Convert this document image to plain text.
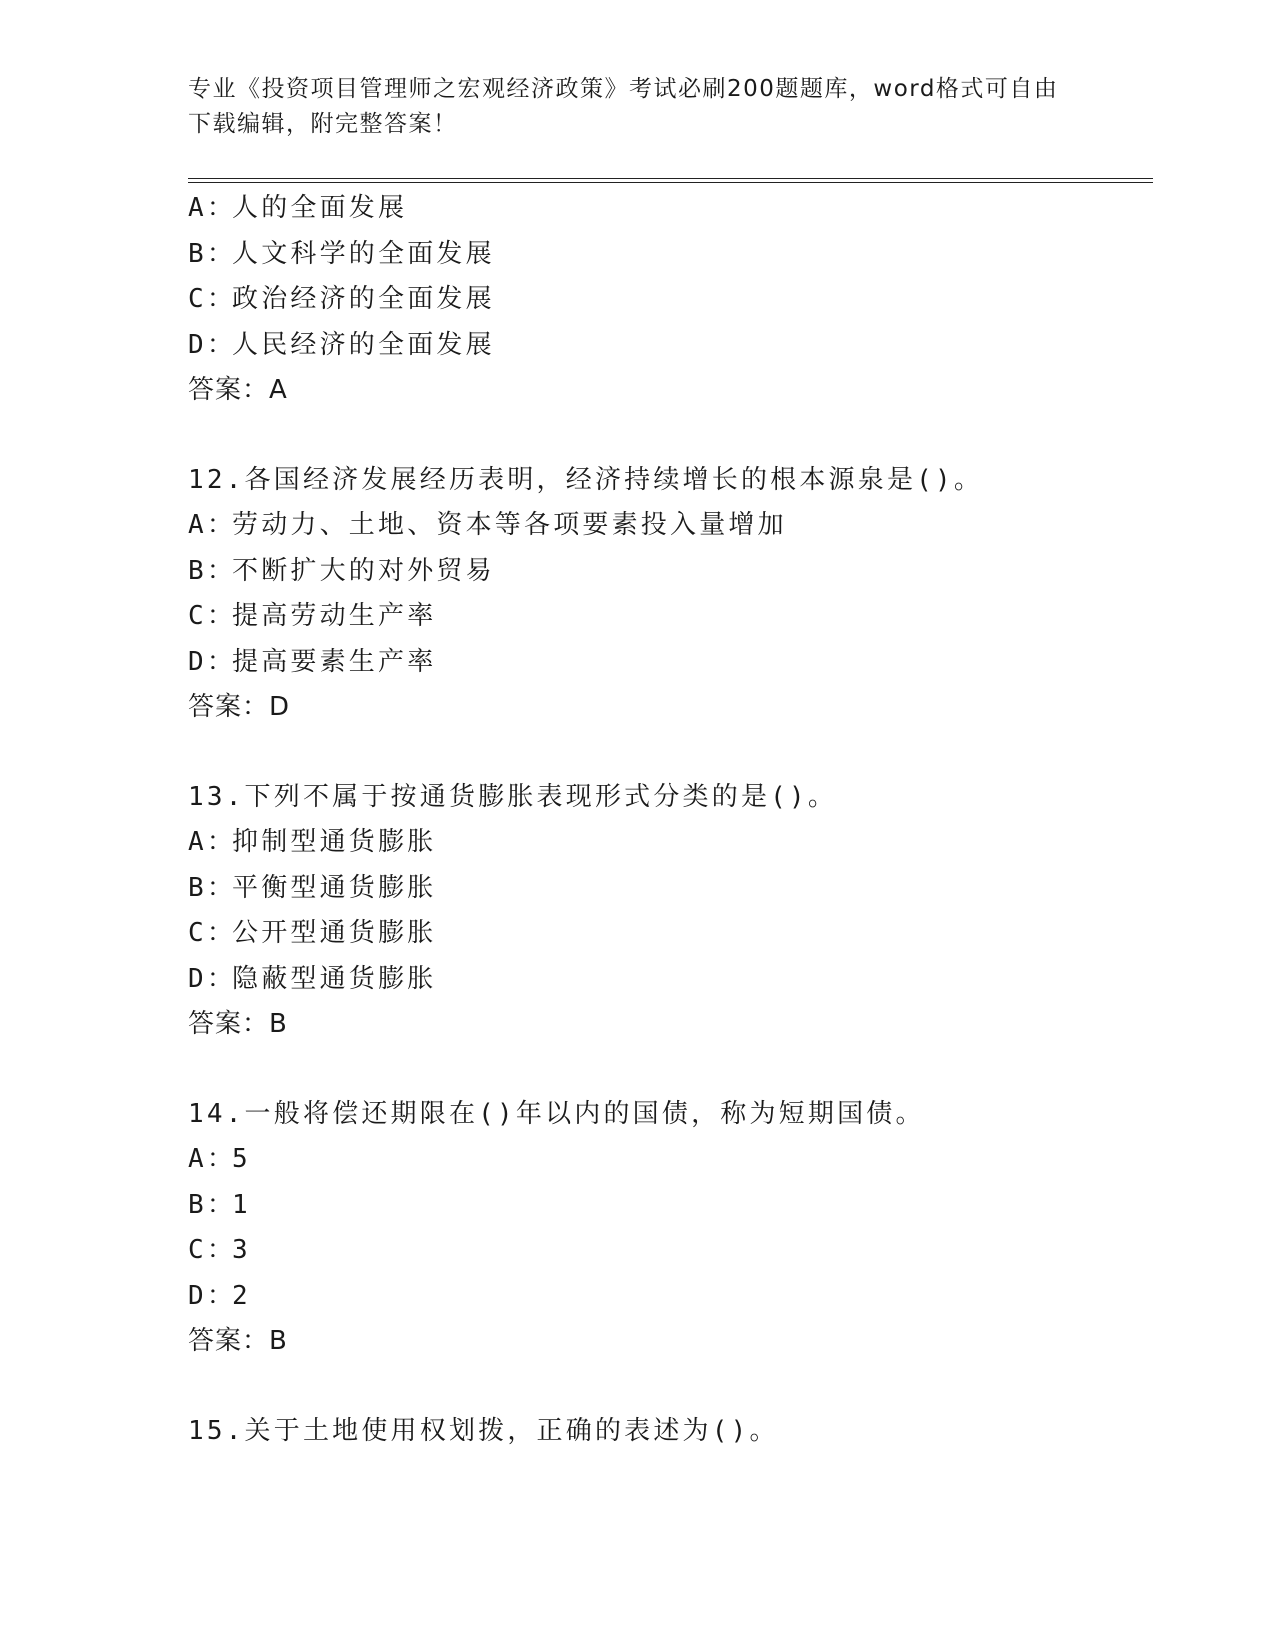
专业《投资项目管理师之宏观经济政策》考试必刷200题题库，word格式可自由
下载编辑，附完整答案！
A：人的全面发展
B：人文科学的全面发展
C：政治经济的全面发展
D：人民经济的全面发展
答案：A
12.各国经济发展经历表明，经济持续增长的根本源泉是()。
A：劳动力、土地、资本等各项要素投入量增加
B：不断扩大的对外贸易
C：提高劳动生产率
D：提高要素生产率
答案：D
13.下列不属于按通货膨胀表现形式分类的是()。
A：抑制型通货膨胀
B：平衡型通货膨胀
C：公开型通货膨胀
D：隐蔽型通货膨胀
答案：B
14.一般将偿还期限在()年以内的国债，称为短期国债。
A：5
B：1
C：3
D：2
答案：B
15.关于土地使用权划拨，正确的表述为()。
